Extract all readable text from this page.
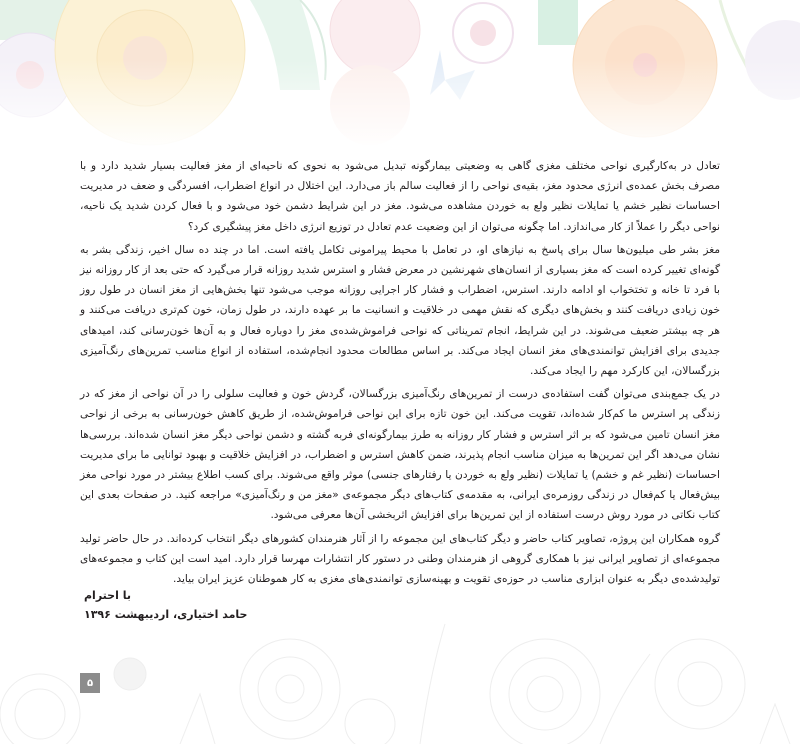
تعادل در به‌کارگیری نواحی مختلف مغزی گاهی به وضعیتی بیمارگونه تبدیل می‌شود به نحوی که ناحیه‌ای از مغز فعالیت بسیار شدید دارد و با مصرف بخش عمده‌ی انرژی محدود مغز، بقیه‌ی نواحی را از فعالیت سالم باز می‌دارد. این اختلال در انواع اضطراب، افسردگی و ضعف در مدیریت احساسات نظیر خشم یا تمایلات نظیر ولع به خوردن مشاهده می‌شود. مغز در این شرایط دشمن خود می‌شود و با فعال کردن شدید یک ناحیه، نواحی دیگر را عملاً از کار می‌اندازد. اما چگونه می‌توان از این وضعیت عدم تعادل در توزیع انرژی داخل مغز پیشگیری کرد؟

مغز بشر طی میلیون‌ها سال برای پاسخ به نیازهای او، در تعامل با محیط پیرامونی تکامل یافته است. اما در چند ده سال اخیر، زندگی بشر به گونه‌ای تغییر کرده است که مغز بسیاری از انسان‌های شهرنشین در معرض فشار و استرس شدید روزانه قرار می‌گیرد که حتی بعد از کار روزانه نیز با فرد تا خانه و تختخواب او ادامه دارند. استرس، اضطراب و فشار کار اجرایی روزانه موجب می‌شود تنها بخش‌هایی از مغز انسان در طول روز خون زیادی دریافت کنند و بخش‌های دیگری که نقش مهمی در خلاقیت و انسانیت ما بر عهده دارند، در طول زمان، خون کم‌تری دریافت می‌کنند و هر چه بیشتر ضعیف می‌شوند. در این شرایط، انجام تمریناتی که نواحی فراموش‌شده‌ی مغز را دوباره فعال و به آن‌ها خون‌رسانی کند، امیدهای جدیدی برای افزایش توانمندی‌های مغز انسان ایجاد می‌کند. بر اساس مطالعات محدود انجام‌شده، استفاده از انواع مناسب تمرین‌های رنگ‌آمیزی بزرگسالان، این کارکرد مهم را ایجاد می‌کند.

در یک جمع‌بندی می‌توان گفت استفاده‌ی درست از تمرین‌های رنگ‌آمیزی بزرگسالان، گردش خون و فعالیت سلولی را در آن نواحی از مغز که در زندگی پر استرس ما کم‌کار شده‌اند، تقویت می‌کند. این خون تازه برای این نواحی فراموش‌شده، از طریق کاهش خون‌رسانی به برخی از نواحی مغز انسان تامین می‌شود که بر اثر استرس و فشار کار روزانه به طرز بیمارگونه‌ای فربه گشته و دشمن نواحی دیگر مغز انسان شده‌اند. بررسی‌ها نشان می‌دهد اگر این تمرین‌ها به میزان مناسب انجام پذیرند، ضمن کاهش استرس و اضطراب، در افزایش خلاقیت و بهبود توانایی ما برای مدیریت احساسات (نظیر غم و خشم) یا تمایلات (نظیر ولع به خوردن یا رفتارهای جنسی) موثر واقع می‌شوند. برای کسب اطلاع بیشتر در مورد نواحی مغز بیش‌فعال یا کم‌فعال در زندگی روزمره‌ی ایرانی، به مقدمه‌ی کتاب‌های دیگر مجموعه‌ی «مغز من و رنگ‌آمیزی» مراجعه کنید. در صفحات بعدی این کتاب نکاتی در مورد روش درست استفاده از این تمرین‌ها برای افزایش اثربخشی آن‌ها معرفی می‌شود.

گروه همکاران این پروژه، تصاویر کتاب حاضر و دیگر کتاب‌های این مجموعه را از آثار هنرمندان کشورهای دیگر انتخاب کرده‌اند. در حال حاضر تولید مجموعه‌ای از تصاویر ایرانی نیز با همکاری گروهی از هنرمندان وطنی در دستور کار انتشارات مهرسا قرار دارد. امید است این کتاب و مجموعه‌های تولیدشده‌ی دیگر به عنوان ابزاری مناسب در حوزه‌ی تقویت و بهینه‌سازی توانمندی‌های مغزی به کار هموطنان عزیز ایران بیاید.

با احترام
حامد اختیاری، اردیبهشت ۱۳۹۶
۵
